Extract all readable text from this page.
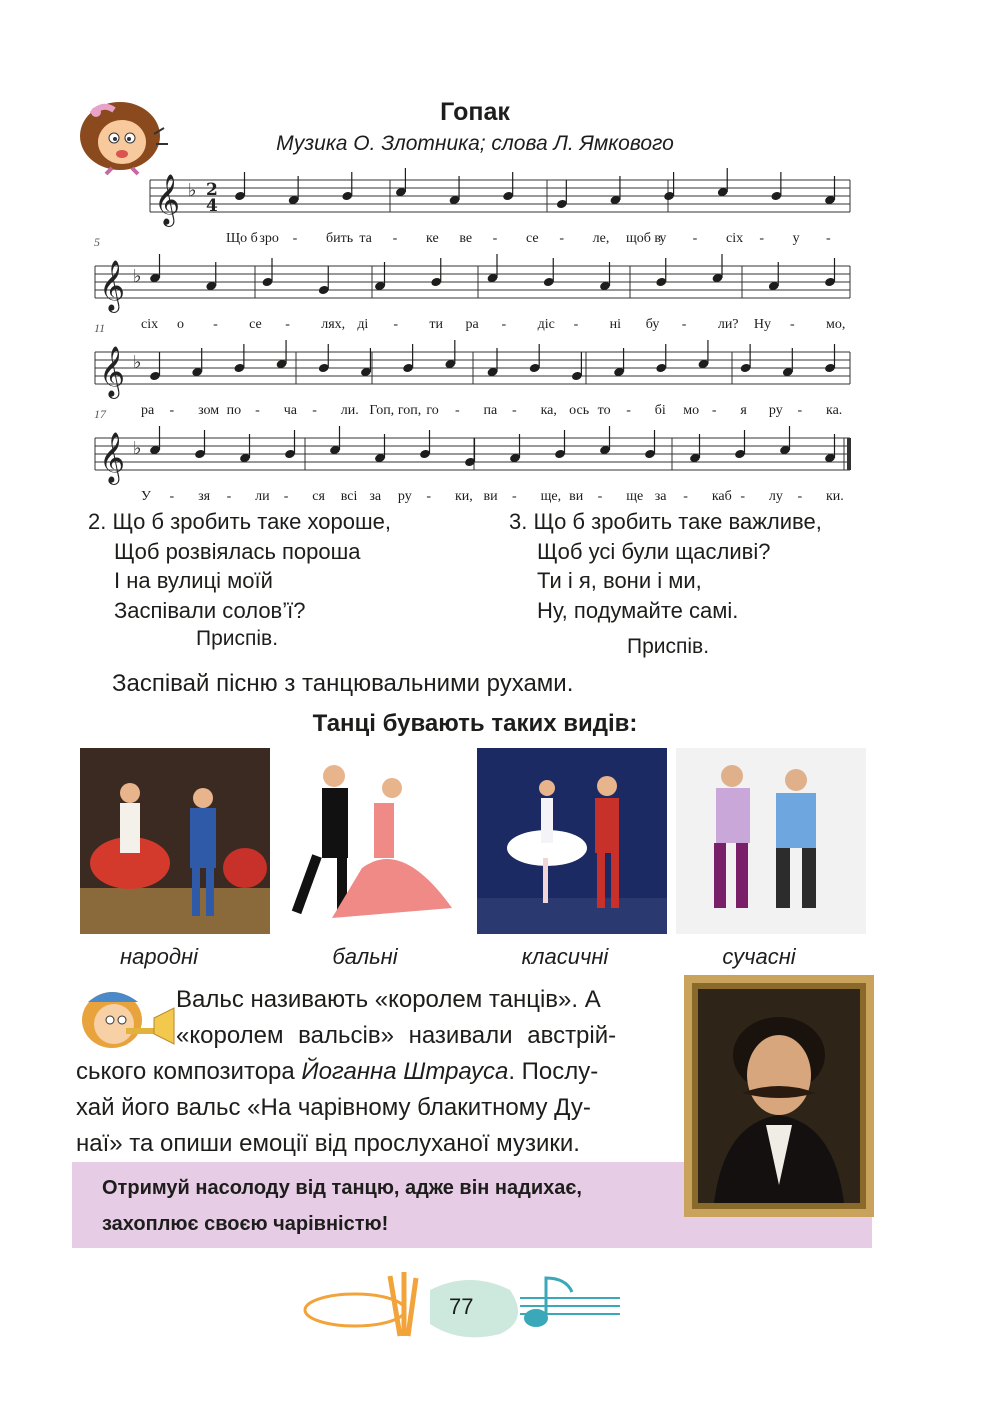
Гопак
Музика О. Злотника; слова Л. Ямкового
𝄞 ♭ 2
4
𝄞 ♭
𝄞 ♭
𝄞 ♭
5
11
17
Що б зро - бить та - ке ве - се - ле, щоб в
у - сіх - у -
сіх о - се - лях, ді - ти ра - діс - ні бу - ли? Ну - мо,
ра - зом по - ча - ли. Гоп, гоп, го - па - ка, ось то - бі мо - я ру - ка.
У - зя - ли - ся всі за ру - ки, ви - ще, ви - ще за - каб - лу - ки.
2. Що б зробить таке хороше,
Щоб розвіялась пороша
І на вулиці моїй
Заспівали солов’ї?
Приспів.
3. Що б зробить таке важливе,
Щоб усі були щасливі?
Ти і я, вони і ми,
Ну, подумайте самі.
Приспів.
Заспівай пісню з танцювальними рухами.
Танці бувають таких видів:
народні	бальні	класичні	сучасні

Вальс називають «королем танців». А

«королем вальсів» називали австрій-

ського композитора Йоганна Штрауса. Послу-

хай його вальс «На чарівному блакитному Ду-

наї» та опиши емоції від прослуханої музики.

Отримуй насолоду від танцю, адже він надихає,
захоплює своєю чарівністю!
77
